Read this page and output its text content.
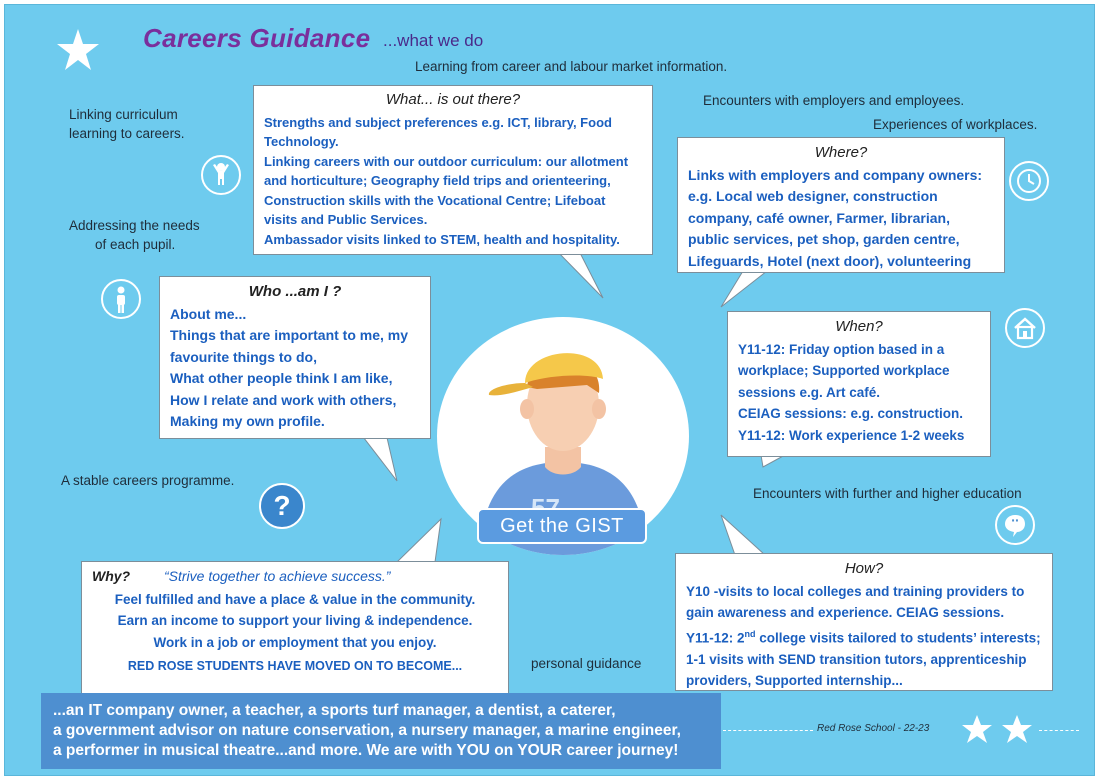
Careers Guidance ...what we do
Learning from career and labour market information.
Linking curriculum
learning to careers.
Addressing the needs
of each pupil.
A stable careers programme.
Encounters with employers and employees.
Experiences of workplaces.
Encounters with further and higher education
personal guidance
?	∙∙
Get the GIST
What... is out there?

Strengths and subject preferences e.g. ICT, library, Food Technology.

Linking careers with our outdoor curriculum: our allotment and horticulture; Geography field trips and orienteering, Construction skills with the Vocational Centre; Lifeboat visits and Public Services.

Ambassador visits linked to STEM, health and hospitality.

Where?

Links with employers and company owners: e.g. Local web designer, construction company, café owner, Farmer, librarian, public services, pet shop, garden centre, Lifeguards, Hotel (next door), volunteering

Who ...am I ?

About me...

Things that are important to me, my favourite things to do,

What other people think I am like,

How I relate and work with others,

Making my own profile.

When?

Y11-12: Friday option based in a workplace; Supported workplace sessions e.g. Art café.

CEIAG sessions: e.g. construction.

Y11-12: Work experience 1-2 weeks

Why? “Strive together to achieve success.”

Feel fulfilled and have a place & value in the community.

Earn an income to support your living & independence.

Work in a job or employment that you enjoy.

RED ROSE STUDENTS HAVE MOVED ON TO BECOME...

How?

Y10 -visits to local colleges and training providers to gain awareness and experience. CEIAG sessions.

Y11-12: 2nd college visits tailored to students’ interests; 1-1 visits with SEND transition tutors, apprenticeship providers, Supported internship...

...an IT company owner, a teacher, a sports turf manager, a dentist, a caterer,
a government advisor on nature conservation, a nursery manager, a marine engineer,
a performer in musical theatre...and more. We are with YOU on YOUR career journey!
Red Rose School - 22-23
